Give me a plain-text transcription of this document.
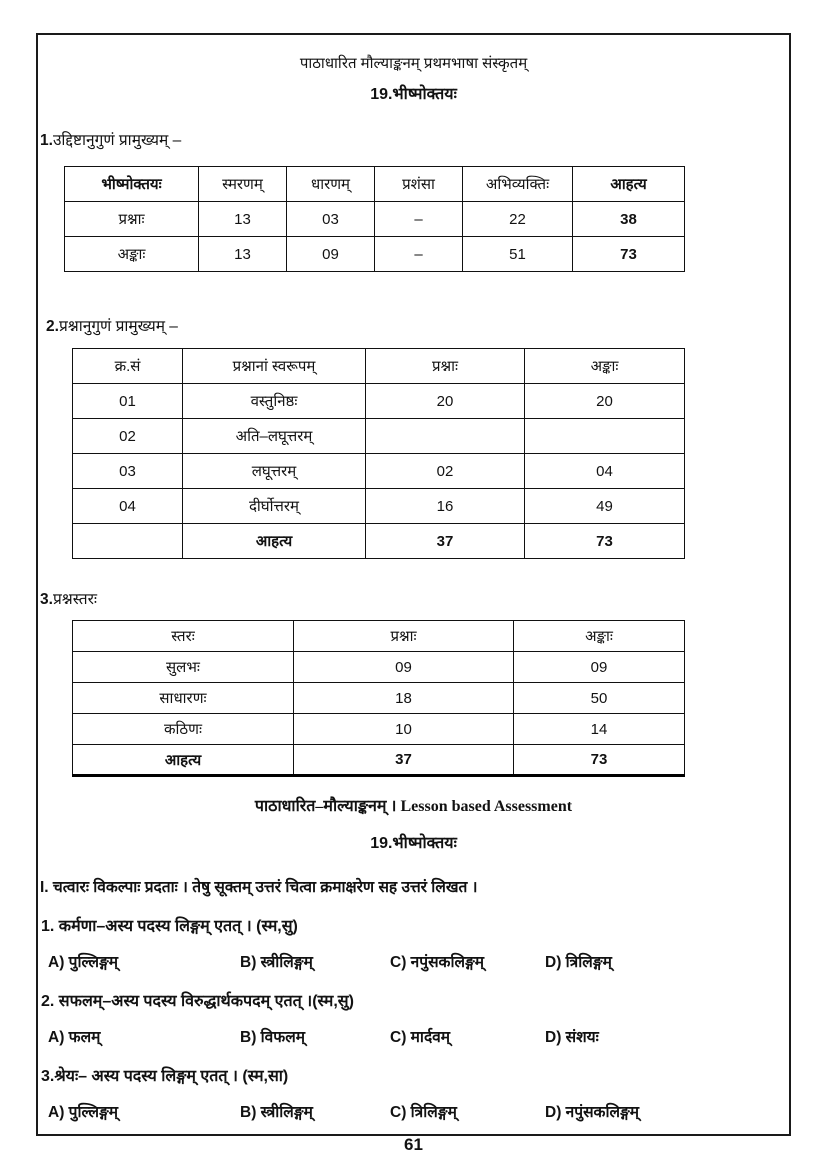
पाठाधारित मौल्याङ्कनम् प्रथमभाषा संस्कृतम्
19.भीष्मोक्तयः
1.उद्दिष्टानुगुणं प्रामुख्यम् –
भीष्मोक्तयः	स्मरणम्	धारणम्	प्रशंसा	अभिव्यक्तिः	आहत्य
प्रश्नाः	13	03	–	22	38
अङ्काः	13	09	–	51	73
2.प्रश्नानुगुणं प्रामुख्यम् –
क्र.सं	प्रश्नानां स्वरूपम्	प्रश्नाः	अङ्काः
01	वस्तुनिष्ठः	20	20
02	अति–लघूत्तरम्		
03	लघूत्तरम्	02	04
04	दीर्घोत्तरम्	16	49
	आहत्य	37	73
3.प्रश्नस्तरः
स्तरः	प्रश्नाः	अङ्काः
सुलभः	09	09
साधारणः	18	50
कठिणः	10	14
आहत्य	37	73
पाठाधारित–मौल्याङ्कनम् । Lesson based Assessment
19.भीष्मोक्तयः
I. चत्वारः विकल्पाः प्रदताः । तेषु सूक्तम् उत्तरं चित्वा क्रमाक्षरेण सह उत्तरं लिखत ।
1. कर्मणा–अस्य पदस्य लिङ्गम् एतत् । (स्म,सु)
A) पुल्लिङ्गम्	B) स्त्रीलिङ्गम्	C) नपुंसकलिङ्गम्	D) त्रिलिङ्गम्
2. सफलम्–अस्य पदस्य विरुद्धार्थकपदम् एतत् ।(स्म,सु)
A) फलम्	B) विफलम्	C) मार्दवम्	D) संशयः
3.श्रेयः– अस्य पदस्य लिङ्गम् एतत् । (स्म,सा)
A) पुल्लिङ्गम्	B) स्त्रीलिङ्गम्	C) त्रिलिङ्गम्	D) नपुंसकलिङ्गम्
61
